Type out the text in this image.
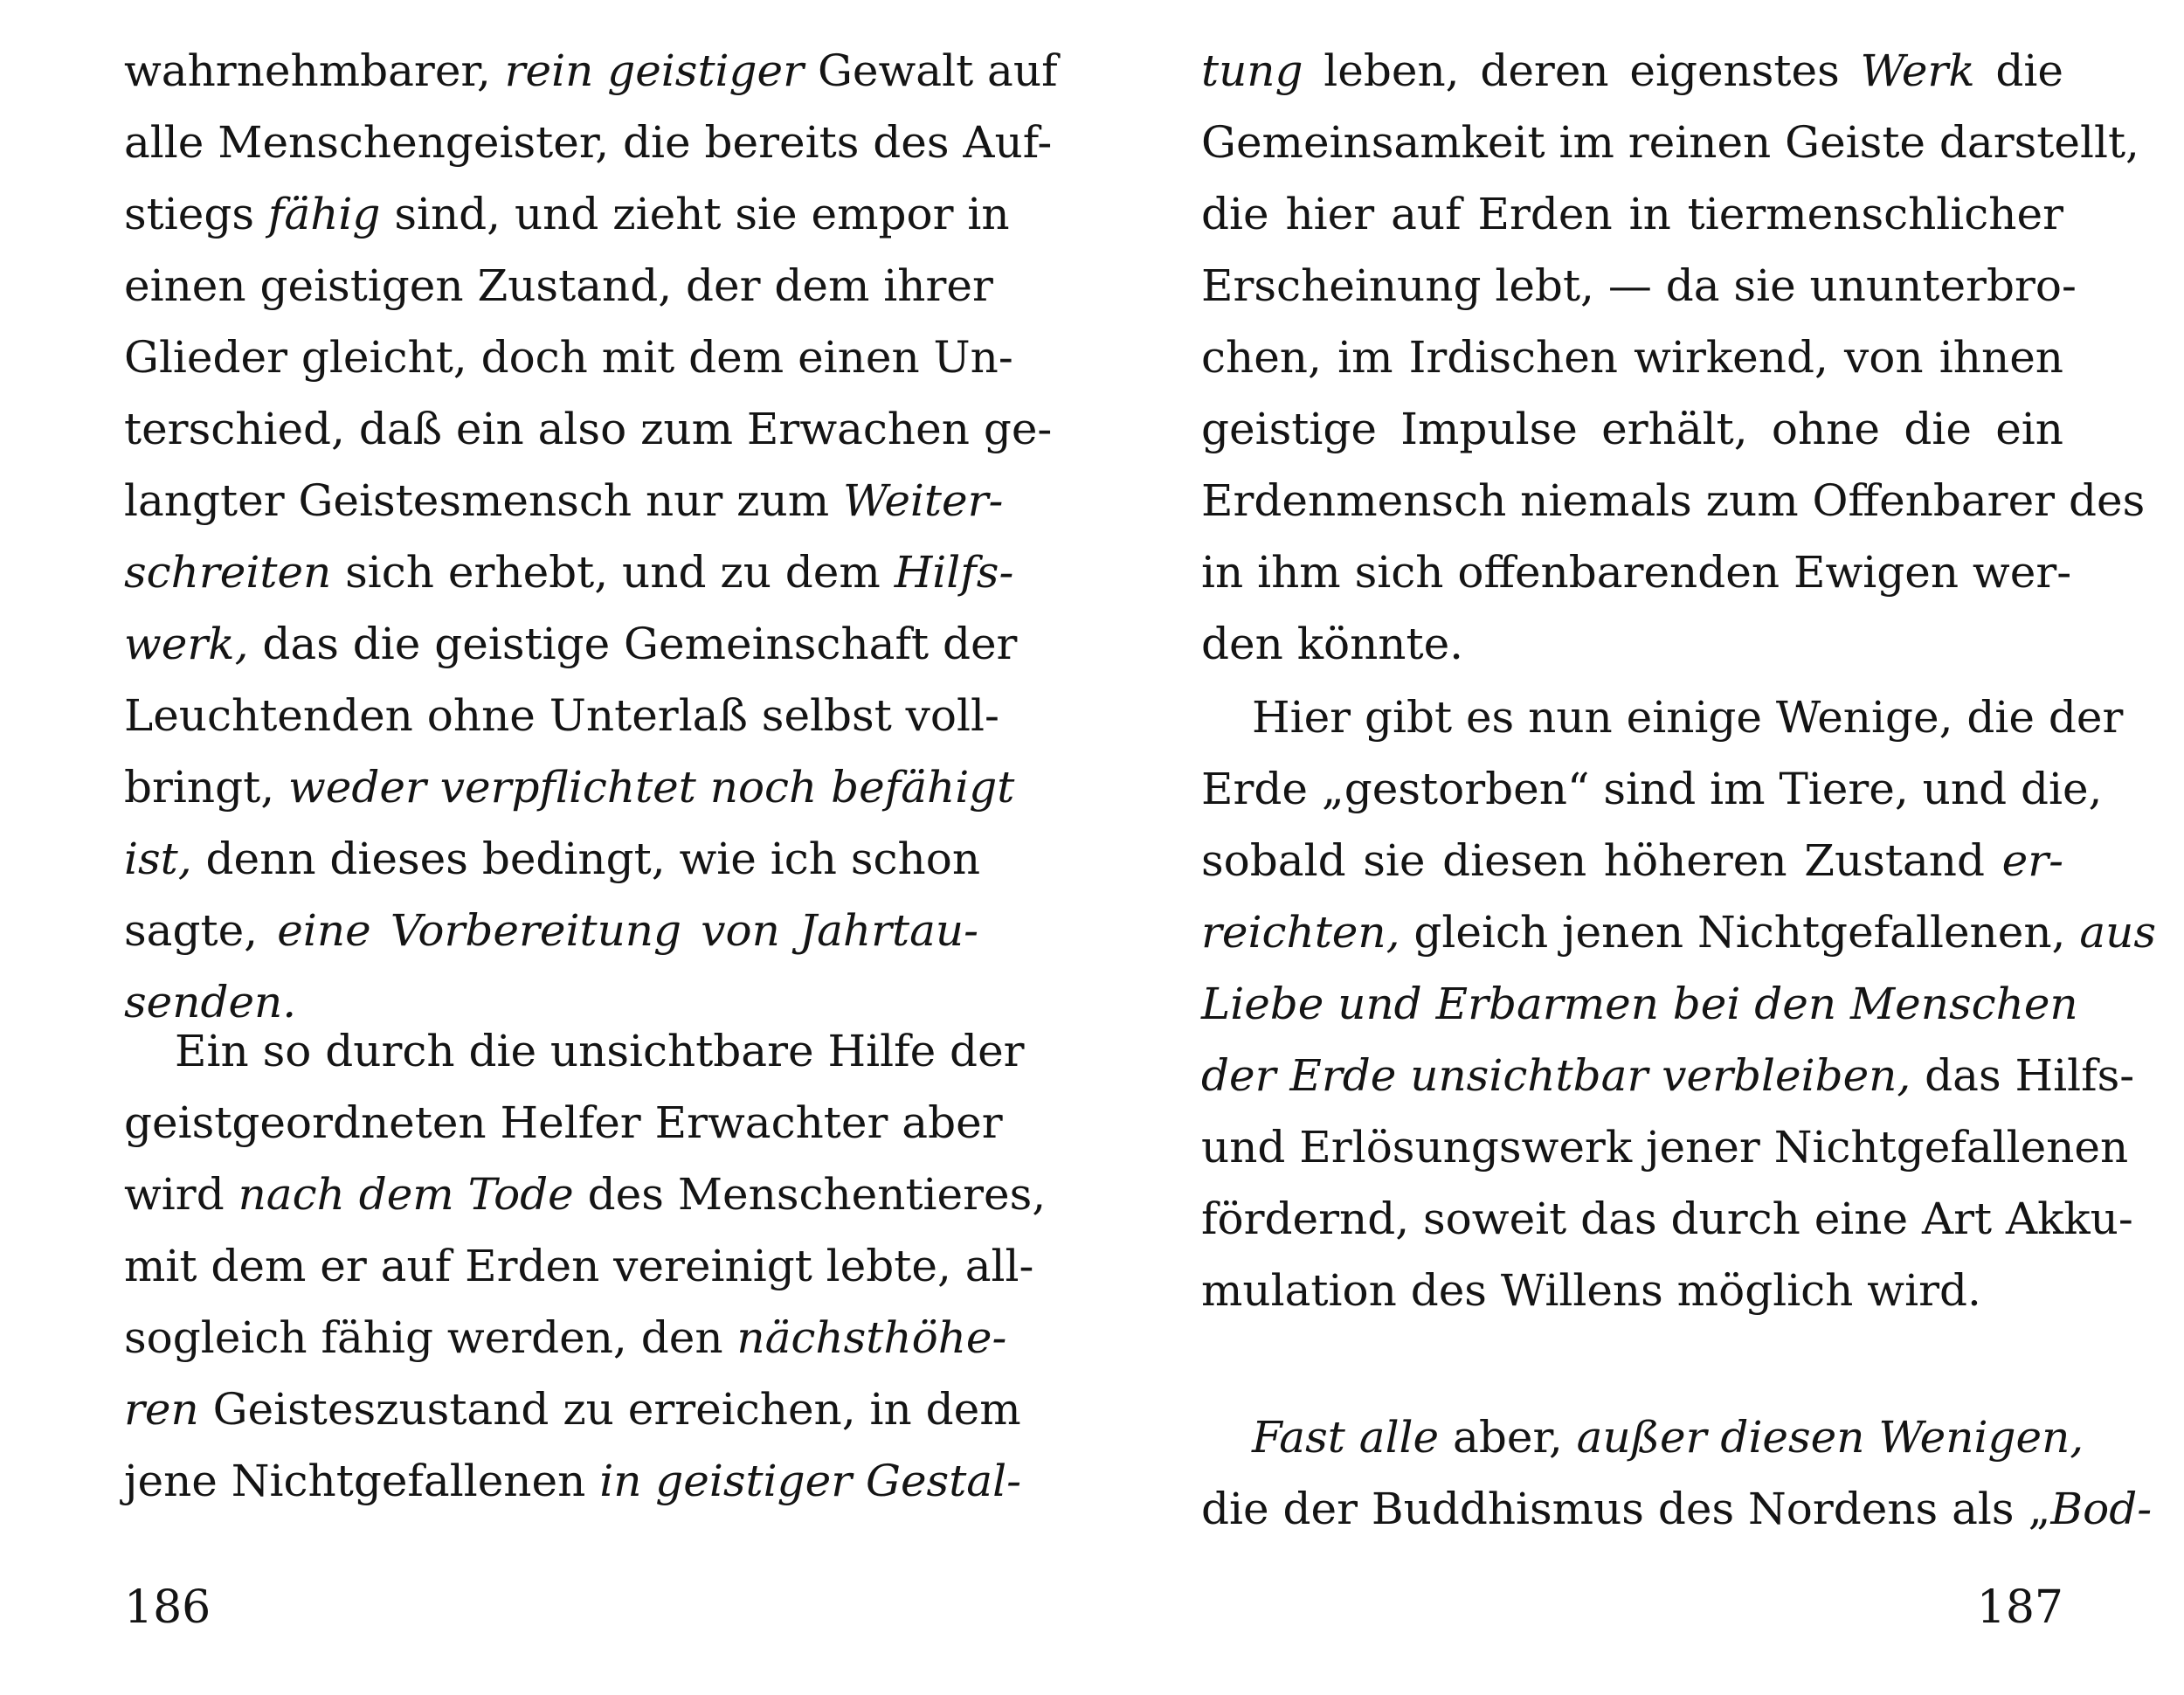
wahrnehmbarer, rein geistiger Gewalt auf
alle Menschengeister, die bereits des Auf-
stiegs fähig sind, und zieht sie empor in
einen geistigen Zustand, der dem ihrer
Glieder gleicht, doch mit dem einen Un-
terschied, daß ein also zum Erwachen ge-
langter Geistesmensch nur zum Weiter-
schreiten sich erhebt, und zu dem Hilfs-
werk, das die geistige Gemeinschaft der
Leuchtenden ohne Unterlaß selbst voll-
bringt, weder verpflichtet noch befähigt
ist, denn dieses bedingt, wie ich schon
sagte, eine Vorbereitung von Jahrtau-
senden.
Ein so durch die unsichtbare Hilfe der
geistgeordneten Helfer Erwachter aber
wird nach dem Tode des Menschentieres,
mit dem er auf Erden vereinigt lebte, all-
sogleich fähig werden, den nächsthöhe-
ren Geisteszustand zu erreichen, in dem
jene Nichtgefallenen in geistiger Gestal-
186
tung leben, deren eigenstes Werk die
Gemeinsamkeit im reinen Geiste darstellt,
die hier auf Erden in tiermenschlicher
Erscheinung lebt, — da sie ununterbro-
chen, im Irdischen wirkend, von ihnen
geistige Impulse erhält, ohne die ein
Erdenmensch niemals zum Offenbarer des
in ihm sich offenbarenden Ewigen wer-
den könnte.
Hier gibt es nun einige Wenige, die der
Erde „gestorben“ sind im Tiere, und die,
sobald sie diesen höheren Zustand er-
reichten, gleich jenen Nichtgefallenen, aus
Liebe und Erbarmen bei den Menschen
der Erde unsichtbar verbleiben, das Hilfs-
und Erlösungswerk jener Nichtgefallenen
fördernd, soweit das durch eine Art Akku-
mulation des Willens möglich wird.
Fast alle aber, außer diesen Wenigen,
die der Buddhismus des Nordens als „Bod-
187
